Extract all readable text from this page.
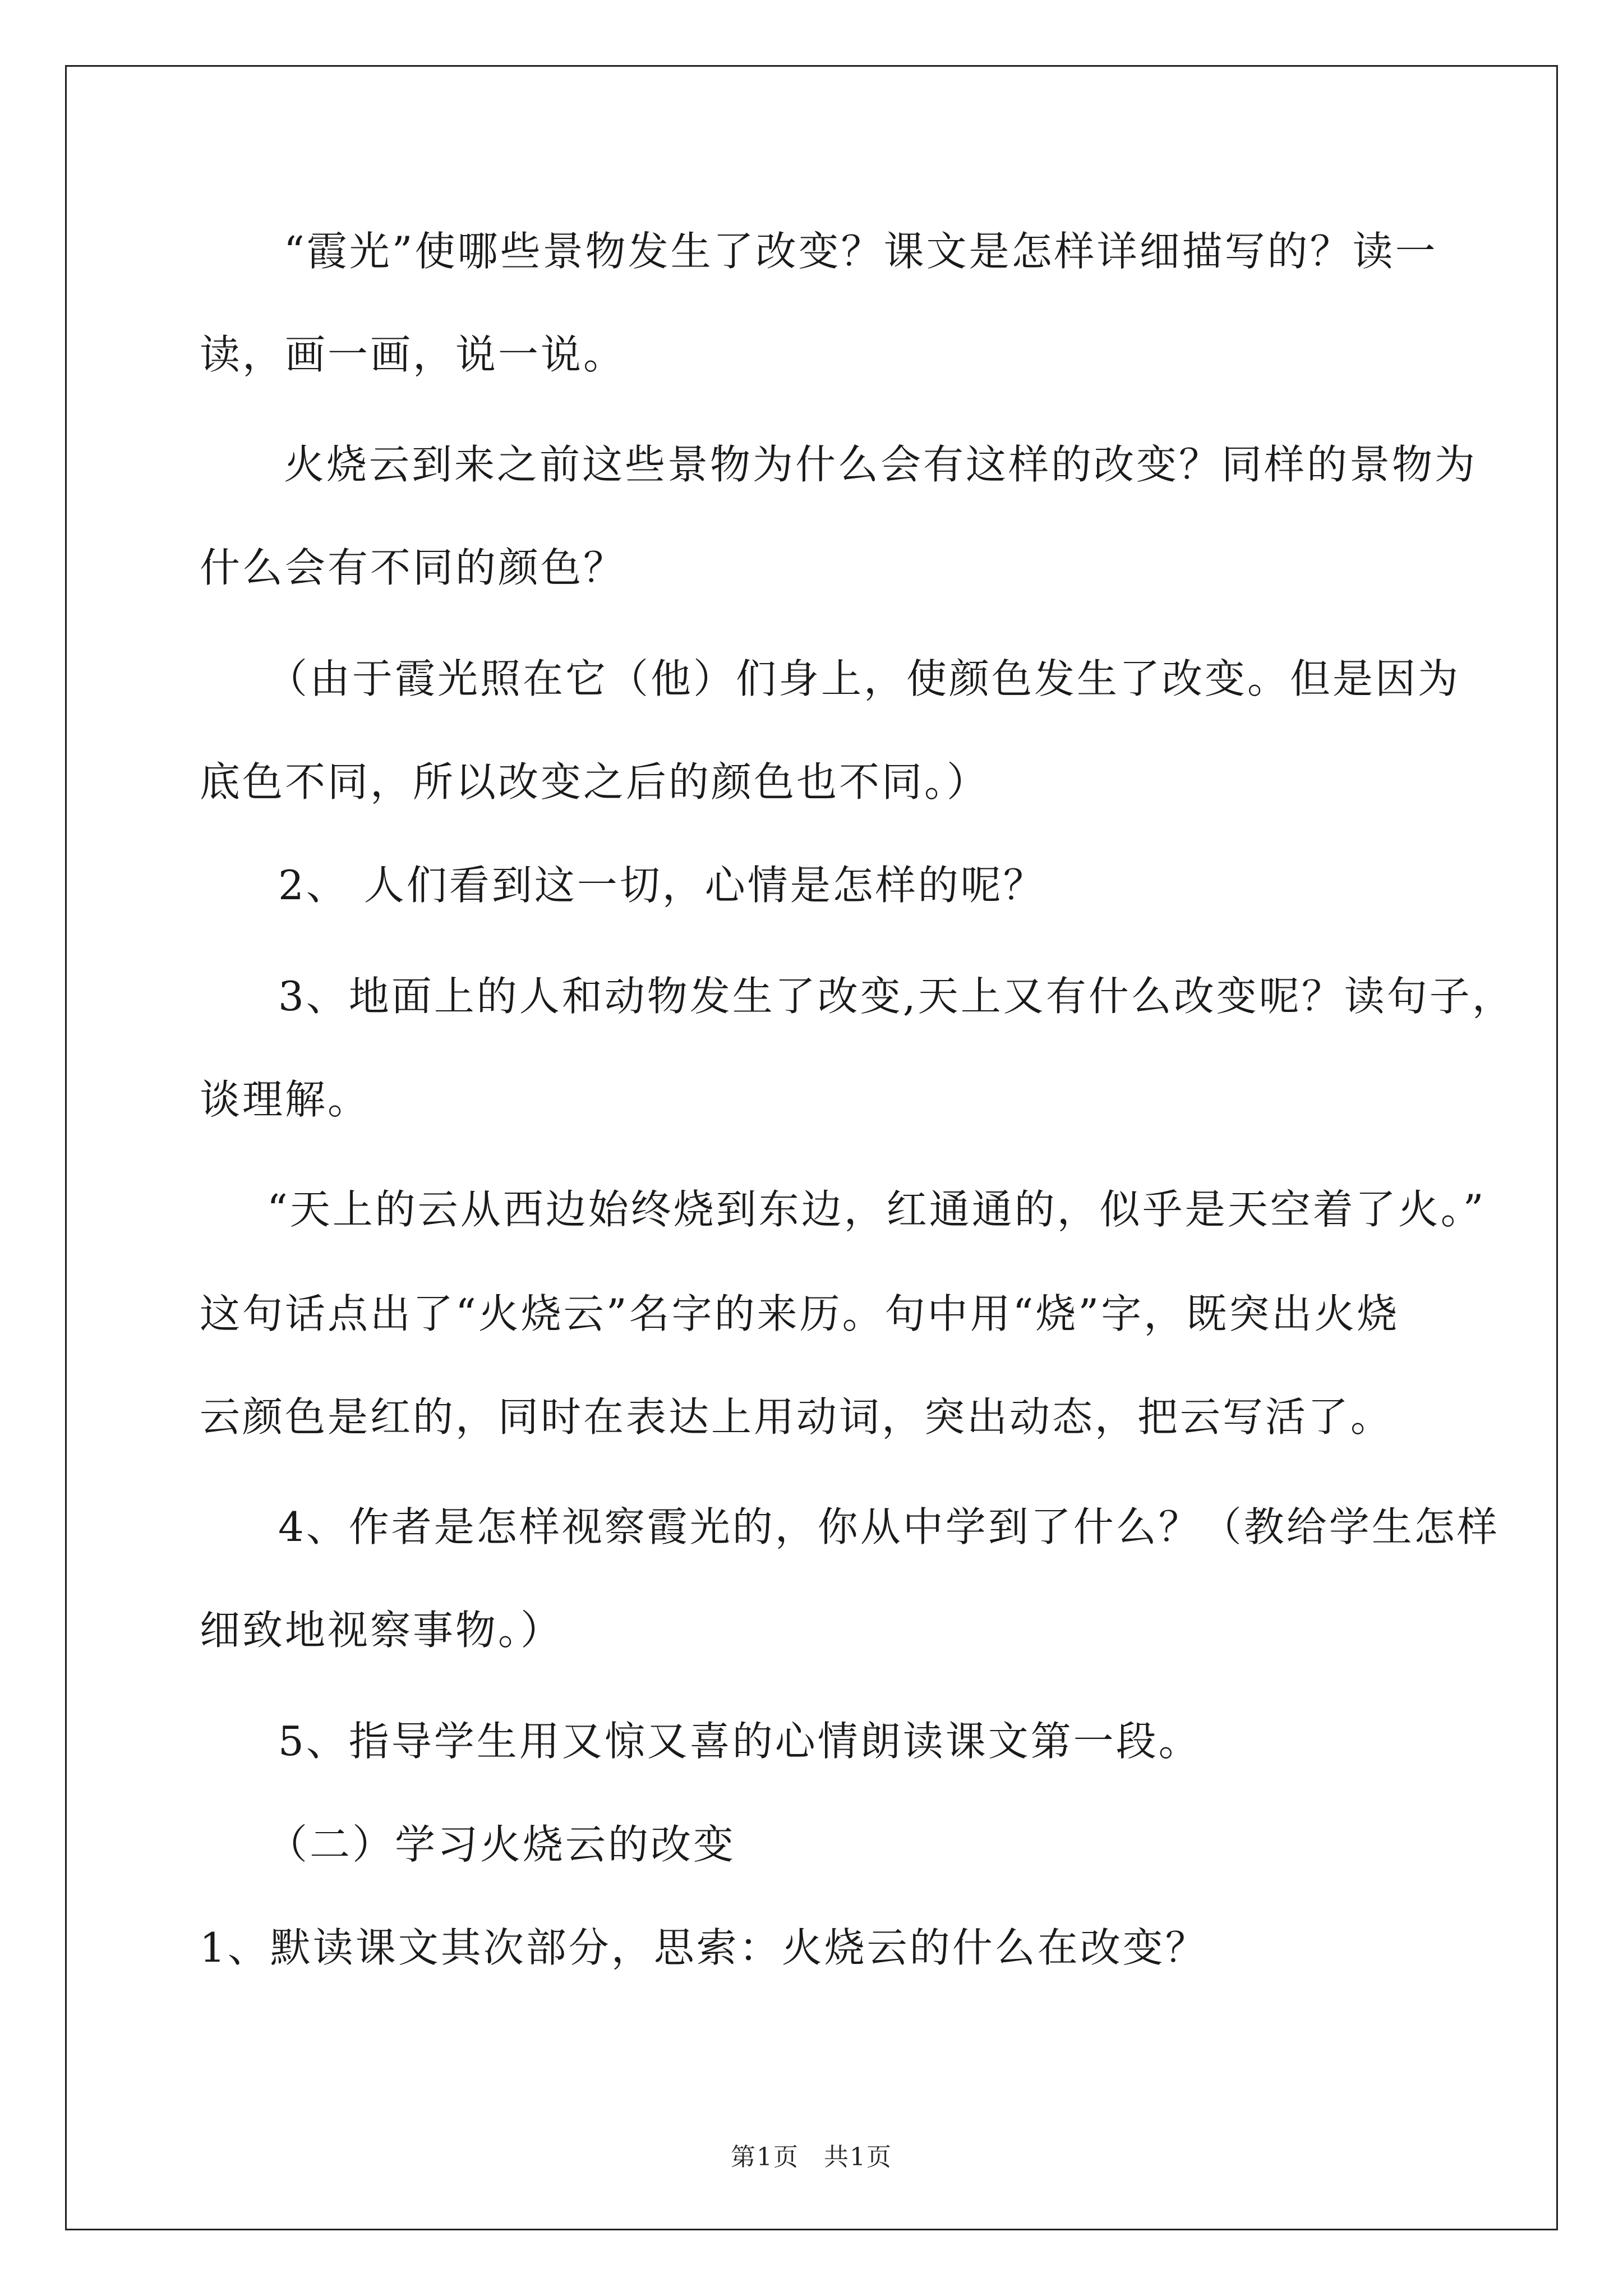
“霞光”使哪些景物发生了改变？课文是怎样详细描写的？读一

读，画一画，说一说。

火烧云到来之前这些景物为什么会有这样的改变？同样的景物为

什么会有不同的颜色？

（由于霞光照在它（他）们身上，使颜色发生了改变。但是因为

底色不同，所以改变之后的颜色也不同。）

2、 人们看到这一切，心情是怎样的呢？

3、地面上的人和动物发生了改变,天上又有什么改变呢？读句子，

谈理解。

“天上的云从西边始终烧到东边，红通通的，似乎是天空着了火。”

这句话点出了“火烧云”名字的来历。句中用“烧”字，既突出火烧

云颜色是红的，同时在表达上用动词，突出动态，把云写活了。

4、作者是怎样视察霞光的，你从中学到了什么？（教给学生怎样

细致地视察事物。）

5、指导学生用又惊又喜的心情朗读课文第一段。

（二）学习火烧云的改变

1、默读课文其次部分，思索：火烧云的什么在改变？

第1页 共1页
